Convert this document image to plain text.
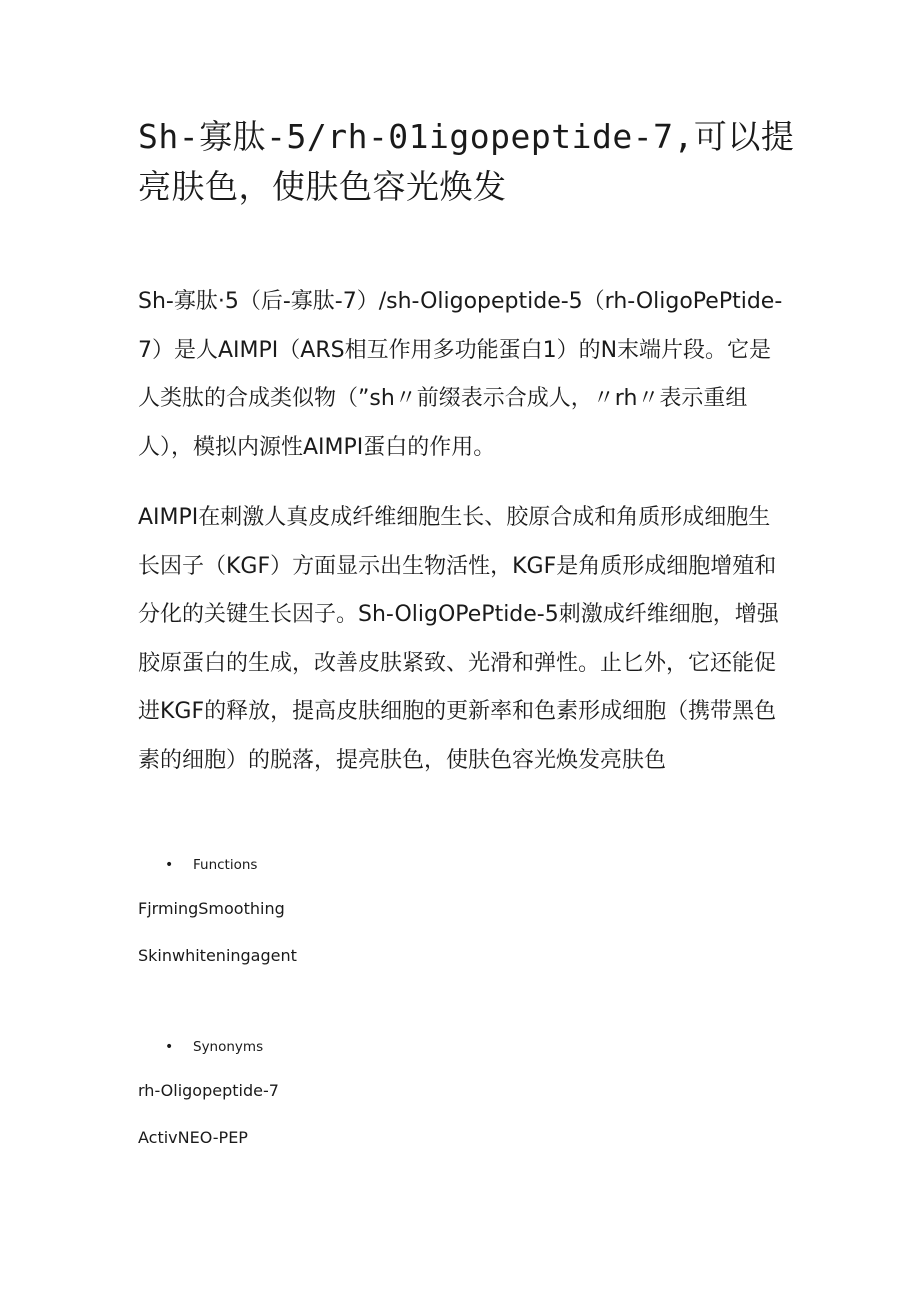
Sh-寡肽-5∕rh-01igopeptide-7,可以提亮肤色，使肤色容光焕发

Sh-寡肽·5（后-寡肽-7）/sh-Oligopeptide-5（rh-OligoPePtide-7）是人AIMPI（ARS相互作用多功能蛋白1）的N末端片段。它是人类肽的合成类似物（”sh〃前缀表示合成人，〃rh〃表示重组人），模拟内源性AIMPI蛋白的作用。

AIMPI在刺激人真皮成纤维细胞生长、胶原合成和角质形成细胞生长因子（KGF）方面显示出生物活性，KGF是角质形成细胞增殖和分化的关键生长因子。Sh-OligOPePtide-5刺激成纤维细胞，增强胶原蛋白的生成，改善皮肤紧致、光滑和弹性。止匕外，它还能促进KGF的释放，提高皮肤细胞的更新率和色素形成细胞（携带黑色素的细胞）的脱落，提亮肤色，使肤色容光焕发亮肤色

• Functions

FjrmingSmoothing

Skinwhiteningagent

• Synonyms

rh-Oligopeptide-7

ActivNEO-PEP
